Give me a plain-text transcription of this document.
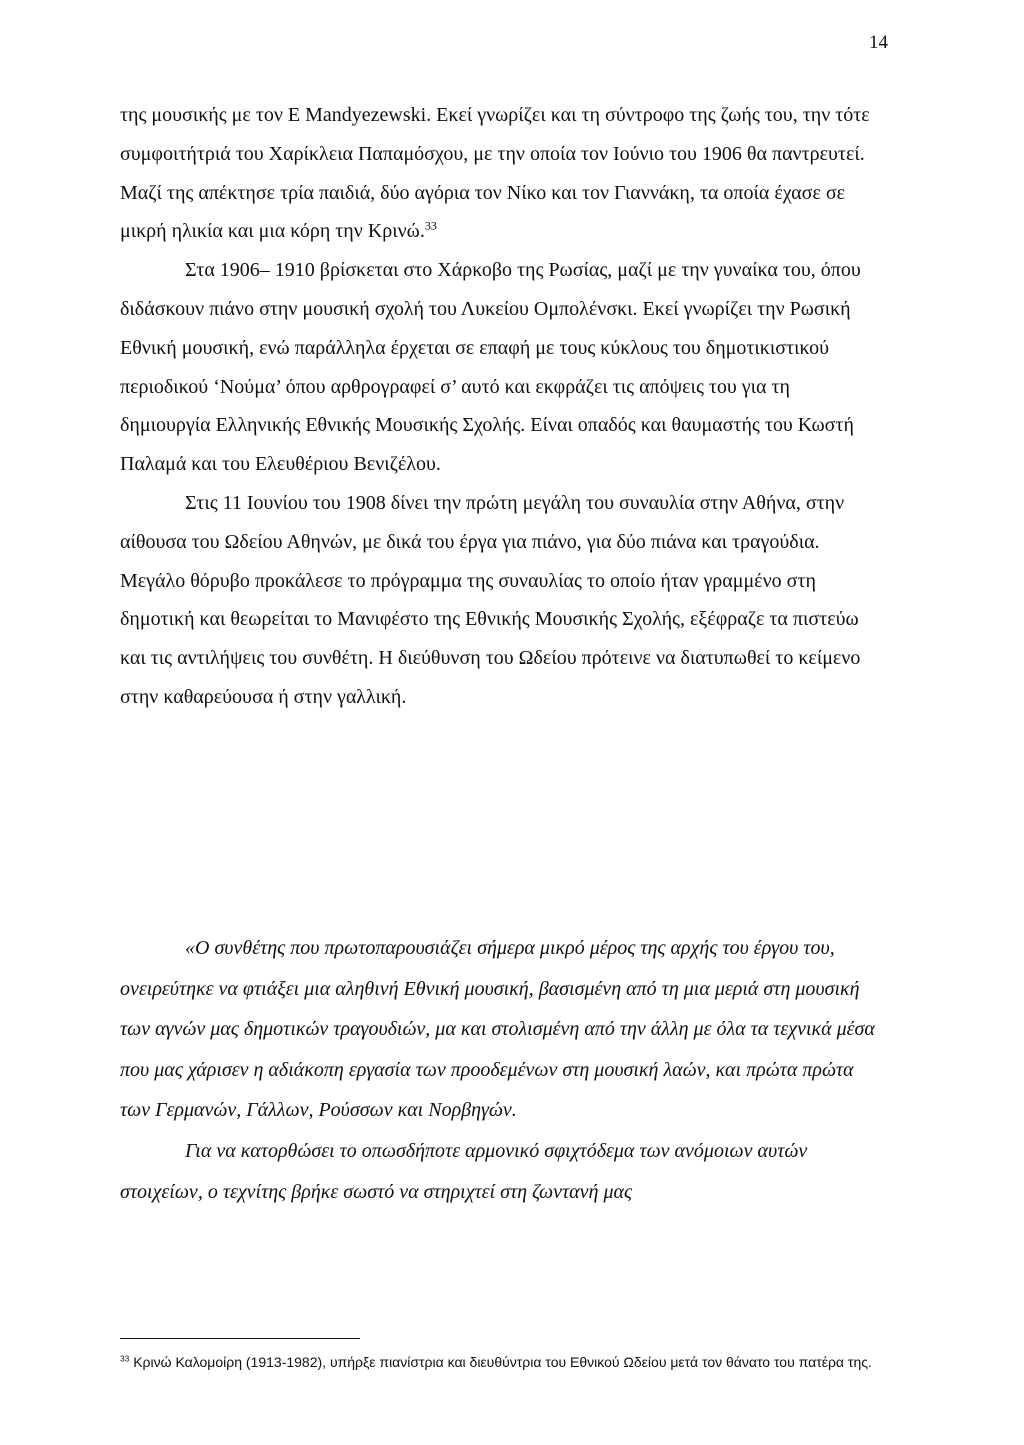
14

της μουσικής με τον E Mandyezewski. Εκεί γνωρίζει και τη σύντροφο της ζωής του, την τότε συμφοιτήτριά του Χαρίκλεια Παπαμόσχου, με την οποία τον Ιούνιο του 1906 θα παντρευτεί. Μαζί της απέκτησε τρία παιδιά, δύο αγόρια τον Νίκο και τον Γιαννάκη, τα οποία έχασε σε μικρή ηλικία και μια κόρη την Κρινώ.$^{33}$

Στα 1906– 1910 βρίσκεται στο Χάρκοβο της Ρωσίας, μαζί με την γυναίκα του, όπου διδάσκουν πιάνο στην μουσική σχολή του Λυκείου Ομπολένσκι. Εκεί γνωρίζει την Ρωσική Εθνική μουσική, ενώ παράλληλα έρχεται σε επαφή με τους κύκλους του δημοτικιστικού περιοδικού ‘Νούμα’ όπου αρθρογραφεί σ’ αυτό και εκφράζει τις απόψεις του για τη δημιουργία Ελληνικής Εθνικής Μουσικής Σχολής. Είναι οπαδός και θαυμαστής του Κωστή Παλαμά και του Ελευθέριου Βενιζέλου.

Στις 11 Ιουνίου του 1908 δίνει την πρώτη μεγάλη του συναυλία στην Αθήνα, στην αίθουσα του Ωδείου Αθηνών, με δικά του έργα για πιάνο, για δύο πιάνα και τραγούδια. Μεγάλο θόρυβο προκάλεσε το πρόγραμμα της συναυλίας το οποίο ήταν γραμμένο στη δημοτική και θεωρείται το Μανιφέστο της Εθνικής Μουσικής Σχολής, εξέφραζε τα πιστεύω και τις αντιλήψεις του συνθέτη. Η διεύθυνση του Ωδείου πρότεινε να διατυπωθεί το κείμενο στην καθαρεύουσα ή στην γαλλική.

«Ο συνθέτης που πρωτοπαρουσιάζει σήμερα μικρό μέρος της αρχής του έργου του, ονειρεύτηκε να φτιάξει μια αληθινή Εθνική μουσική, βασισμένη από τη μια μεριά στη μουσική των αγνών μας δημοτικών τραγουδιών, μα και στολισμένη από την άλλη με όλα τα τεχνικά μέσα που μας χάρισεν η αδιάκοπη εργασία των προοδεμένων στη μουσική λαών, και πρώτα πρώτα των Γερμανών, Γάλλων, Ρούσσων και Νορβηγών.

Για να κατορθώσει το οπωσδήποτε αρμονικό σφιχτόδεμα των ανόμοιων αυτών στοιχείων, ο τεχνίτης βρήκε σωστό να στηριχτεί στη ζωντανή μας

$^{33}$ Κρινώ Καλομοίρη (1913-1982), υπήρξε πιανίστρια και διευθύντρια του Εθνικού Ωδείου μετά τον θάνατο του πατέρα της.
